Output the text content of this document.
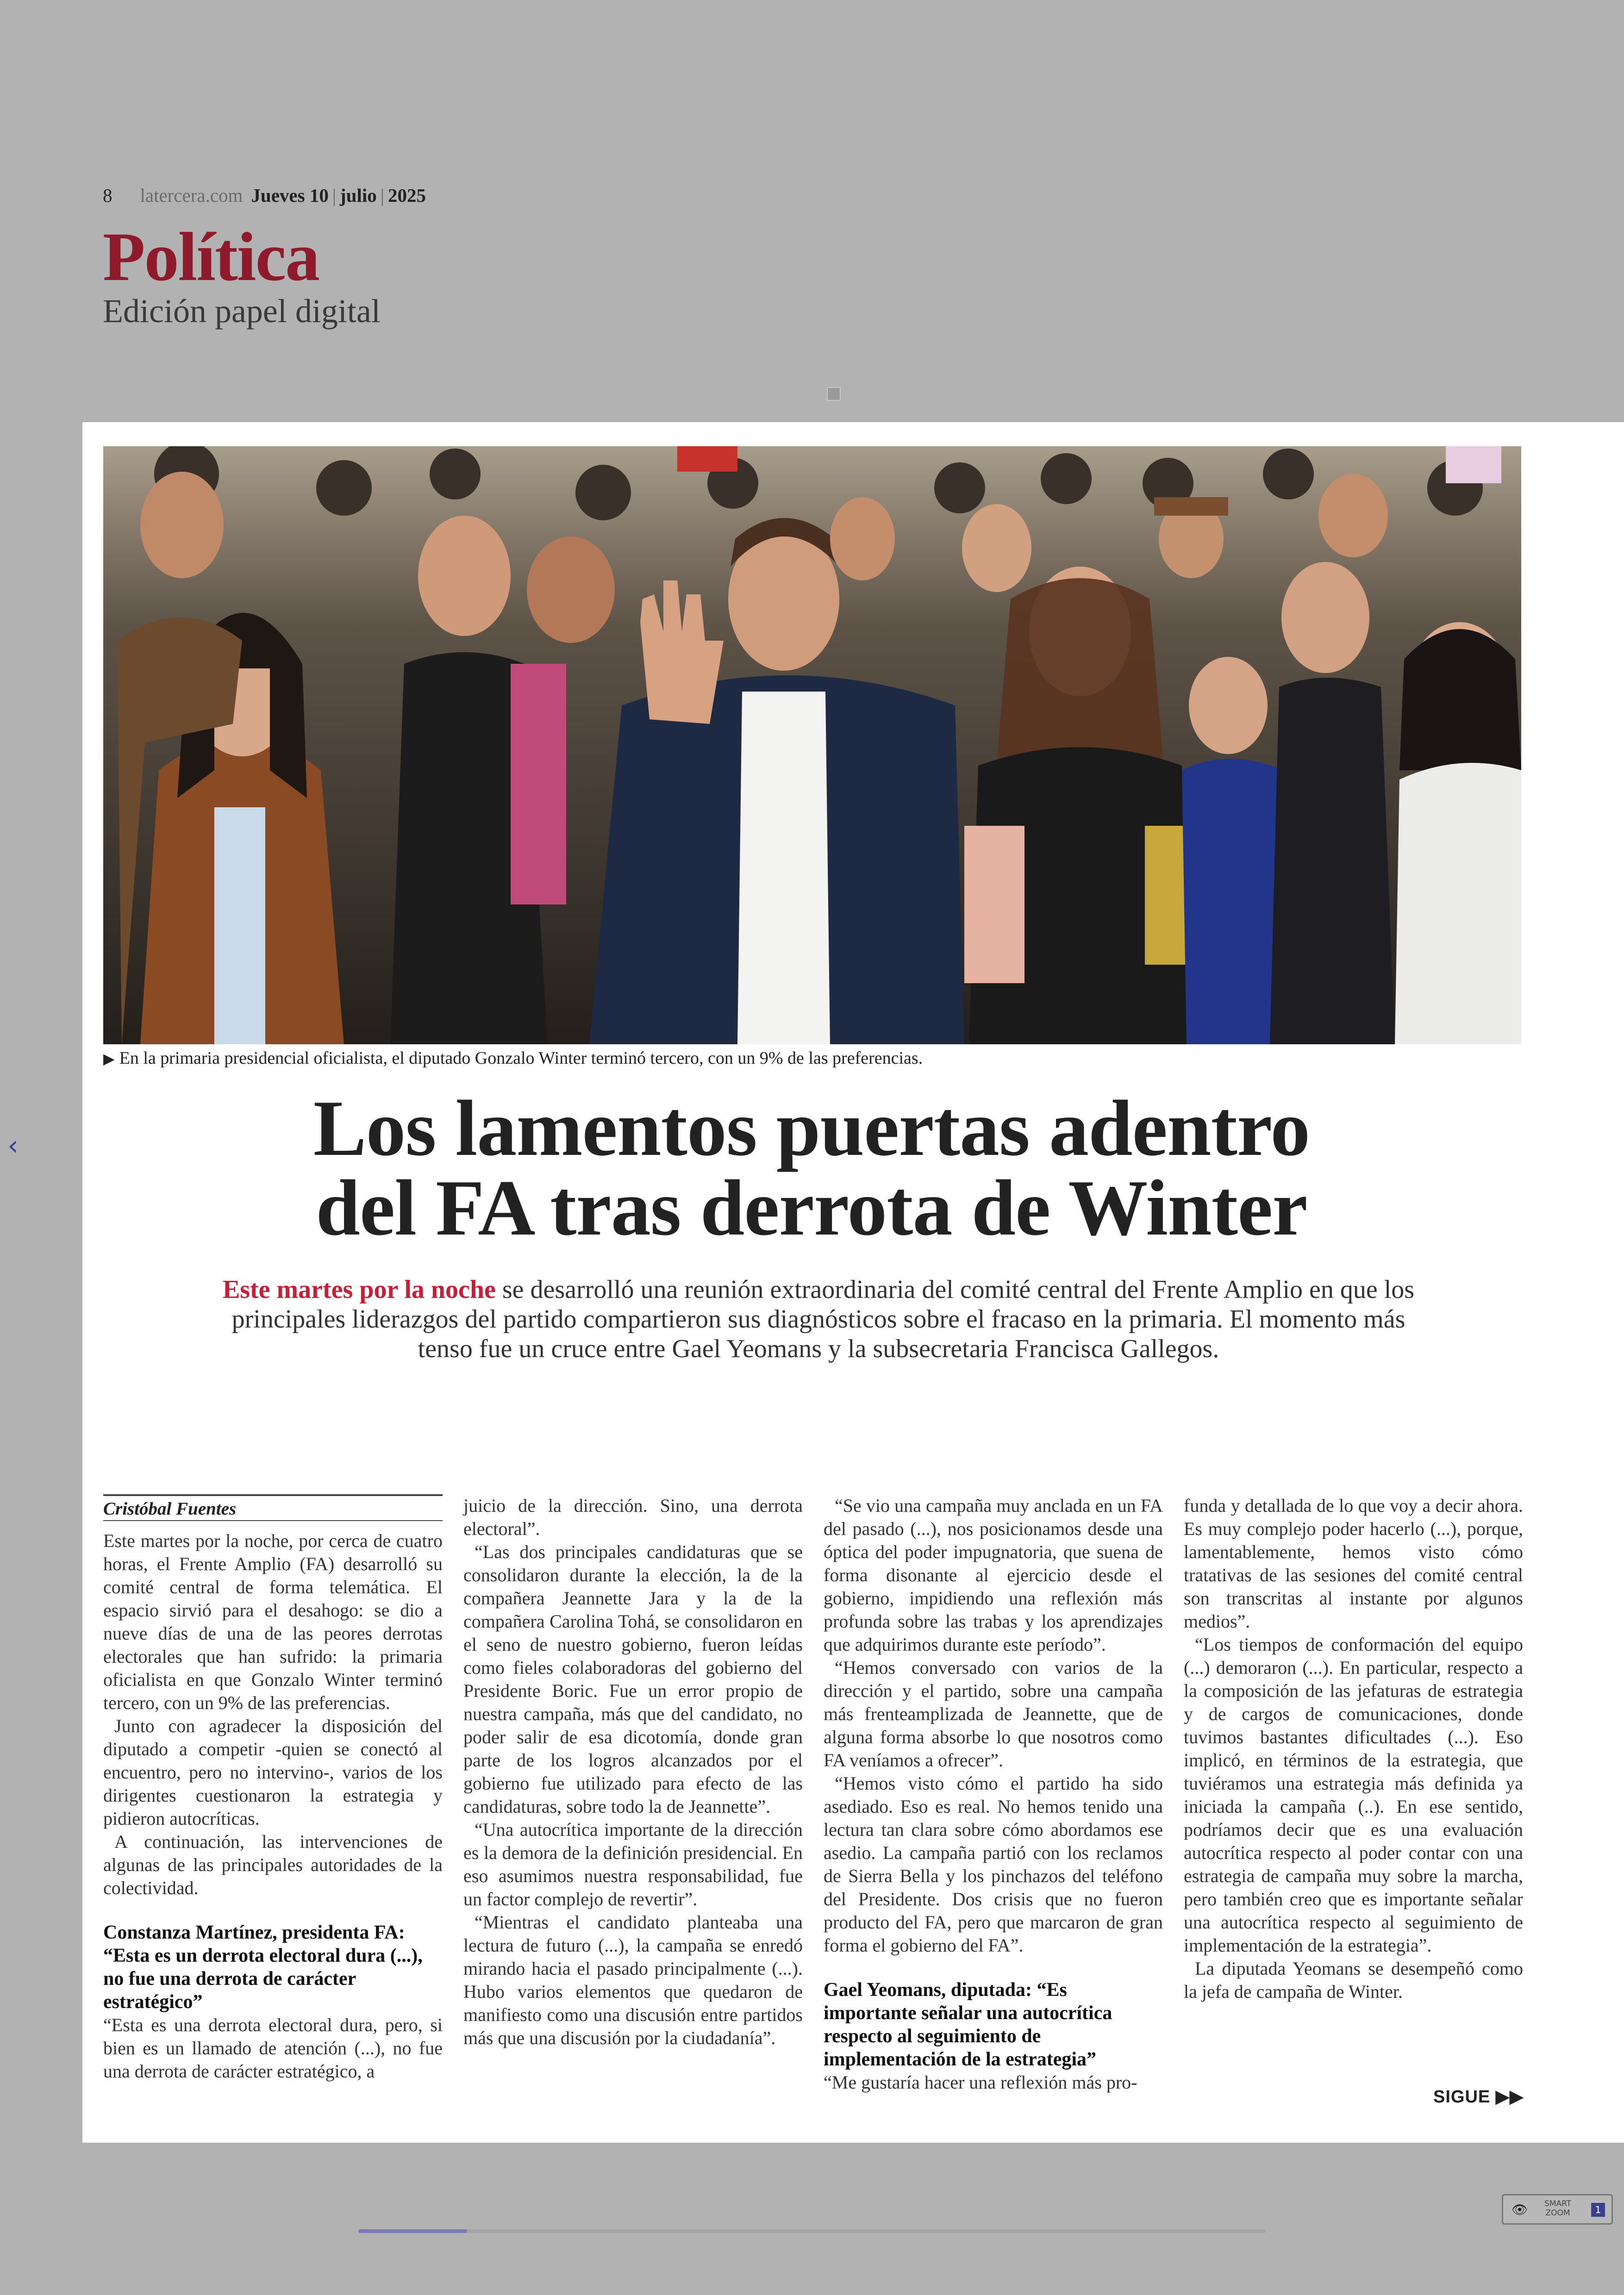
8 latercera.com Jueves 10 | julio | 2025
Política
Edición papel digital
‹
▶ En la primaria presidencial oficialista, el diputado Gonzalo Winter terminó tercero, con un 9% de las preferencias.
Los lamentos puertas adentro
del FA tras derrota de Winter
Este martes por la noche se desarrolló una reunión extraordinaria del comité central del Frente Amplio en que los principales liderazgos del partido compartieron sus diagnósticos sobre el fracaso en la primaria. El momento más tenso fue un cruce entre Gael Yeomans y la subsecretaria Francisca Gallegos.
Cristóbal Fuentes

Este martes por la noche, por cerca de cuatro horas, el Frente Amplio (FA) desarrolló su comité central de forma telemática. El espacio sirvió para el desahogo: se dio a nueve días de una de las peores derrotas electorales que han sufrido: la primaria oficialista en que Gonzalo Winter terminó tercero, con un 9% de las preferencias.

Junto con agradecer la disposición del diputado a competir -quien se conectó al encuentro, pero no intervino-, varios de los dirigentes cuestionaron la estrategia y pidieron autocríticas.

A continuación, las intervenciones de algunas de las principales autoridades de la colectividad.

Constanza Martínez, presidenta FA: “Esta es un derrota electoral dura (...), no fue una derrota de carácter estratégico”

“Esta es una derrota electoral dura, pero, si bien es un llamado de atención (...), no fue una derrota de carácter estratégico, a

juicio de la dirección. Sino, una derrota electoral”.

“Las dos principales candidaturas que se consolidaron durante la elección, la de la compañera Jeannette Jara y la de la compañera Carolina Tohá, se consolidaron en el seno de nuestro gobierno, fueron leídas como fieles colaboradoras del gobierno del Presidente Boric. Fue un error propio de nuestra campaña, más que del candidato, no poder salir de esa dicotomía, donde gran parte de los logros alcanzados por el gobierno fue utilizado para efecto de las candidaturas, sobre todo la de Jeannette”.

“Una autocrítica importante de la dirección es la demora de la definición presidencial. En eso asumimos nuestra responsabilidad, fue un factor complejo de revertir”.

“Mientras el candidato planteaba una lectura de futuro (...), la campaña se enredó mirando hacia el pasado principalmente (...). Hubo varios elementos que quedaron de manifiesto como una discusión entre partidos más que una discusión por la ciudadanía”.

“Se vio una campaña muy anclada en un FA del pasado (...), nos posicionamos desde una óptica del poder impugnatoria, que suena de forma disonante al ejercicio desde el gobierno, impidiendo una reflexión más profunda sobre las trabas y los aprendizajes que adquirimos durante este período”.

“Hemos conversado con varios de la dirección y el partido, sobre una campaña más frenteamplizada de Jeannette, que de alguna forma absorbe lo que nosotros como FA veníamos a ofrecer”.

“Hemos visto cómo el partido ha sido asediado. Eso es real. No hemos tenido una lectura tan clara sobre cómo abordamos ese asedio. La campaña partió con los reclamos de Sierra Bella y los pinchazos del teléfono del Presidente. Dos crisis que no fueron producto del FA, pero que marcaron de gran forma el gobierno del FA”.

Gael Yeomans, diputada: “Es importante señalar una autocrítica respecto al seguimiento de implementación de la estrategia”

“Me gustaría hacer una reflexión más pro-

funda y detallada de lo que voy a decir ahora. Es muy complejo poder hacerlo (...), porque, lamentablemente, hemos visto cómo tratativas de las sesiones del comité central son transcritas al instante por algunos medios”.

“Los tiempos de conformación del equipo (...) demoraron (...). En particular, respecto a la composición de las jefaturas de estrategia y de cargos de comunicaciones, donde tuvimos bastantes dificultades (...). Eso implicó, en términos de la estrategia, que tuviéramos una estrategia más definida ya iniciada la campaña (..). En ese sentido, podríamos decir que es una evaluación autocrítica respecto al poder contar con una estrategia de campaña muy sobre la marcha, pero también creo que es importante señalar una autocrítica respecto al seguimiento de implementación de la estrategia”.

La diputada Yeomans se desempeñó como la jefa de campaña de Winter.

SIGUE ▶▶
👁	SMART
ZOOM	1
